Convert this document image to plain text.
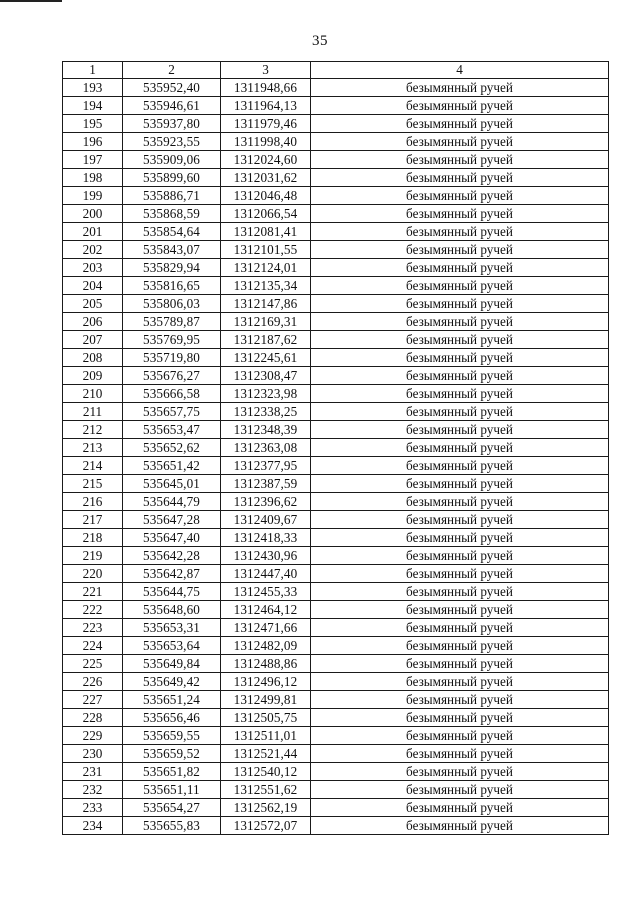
35
1	2	3	4
193	535952,40	1311948,66	безымянный ручей
194	535946,61	1311964,13	безымянный ручей
195	535937,80	1311979,46	безымянный ручей
196	535923,55	1311998,40	безымянный ручей
197	535909,06	1312024,60	безымянный ручей
198	535899,60	1312031,62	безымянный ручей
199	535886,71	1312046,48	безымянный ручей
200	535868,59	1312066,54	безымянный ручей
201	535854,64	1312081,41	безымянный ручей
202	535843,07	1312101,55	безымянный ручей
203	535829,94	1312124,01	безымянный ручей
204	535816,65	1312135,34	безымянный ручей
205	535806,03	1312147,86	безымянный ручей
206	535789,87	1312169,31	безымянный ручей
207	535769,95	1312187,62	безымянный ручей
208	535719,80	1312245,61	безымянный ручей
209	535676,27	1312308,47	безымянный ручей
210	535666,58	1312323,98	безымянный ручей
211	535657,75	1312338,25	безымянный ручей
212	535653,47	1312348,39	безымянный ручей
213	535652,62	1312363,08	безымянный ручей
214	535651,42	1312377,95	безымянный ручей
215	535645,01	1312387,59	безымянный ручей
216	535644,79	1312396,62	безымянный ручей
217	535647,28	1312409,67	безымянный ручей
218	535647,40	1312418,33	безымянный ручей
219	535642,28	1312430,96	безымянный ручей
220	535642,87	1312447,40	безымянный ручей
221	535644,75	1312455,33	безымянный ручей
222	535648,60	1312464,12	безымянный ручей
223	535653,31	1312471,66	безымянный ручей
224	535653,64	1312482,09	безымянный ручей
225	535649,84	1312488,86	безымянный ручей
226	535649,42	1312496,12	безымянный ручей
227	535651,24	1312499,81	безымянный ручей
228	535656,46	1312505,75	безымянный ручей
229	535659,55	1312511,01	безымянный ручей
230	535659,52	1312521,44	безымянный ручей
231	535651,82	1312540,12	безымянный ручей
232	535651,11	1312551,62	безымянный ручей
233	535654,27	1312562,19	безымянный ручей
234	535655,83	1312572,07	безымянный ручей
